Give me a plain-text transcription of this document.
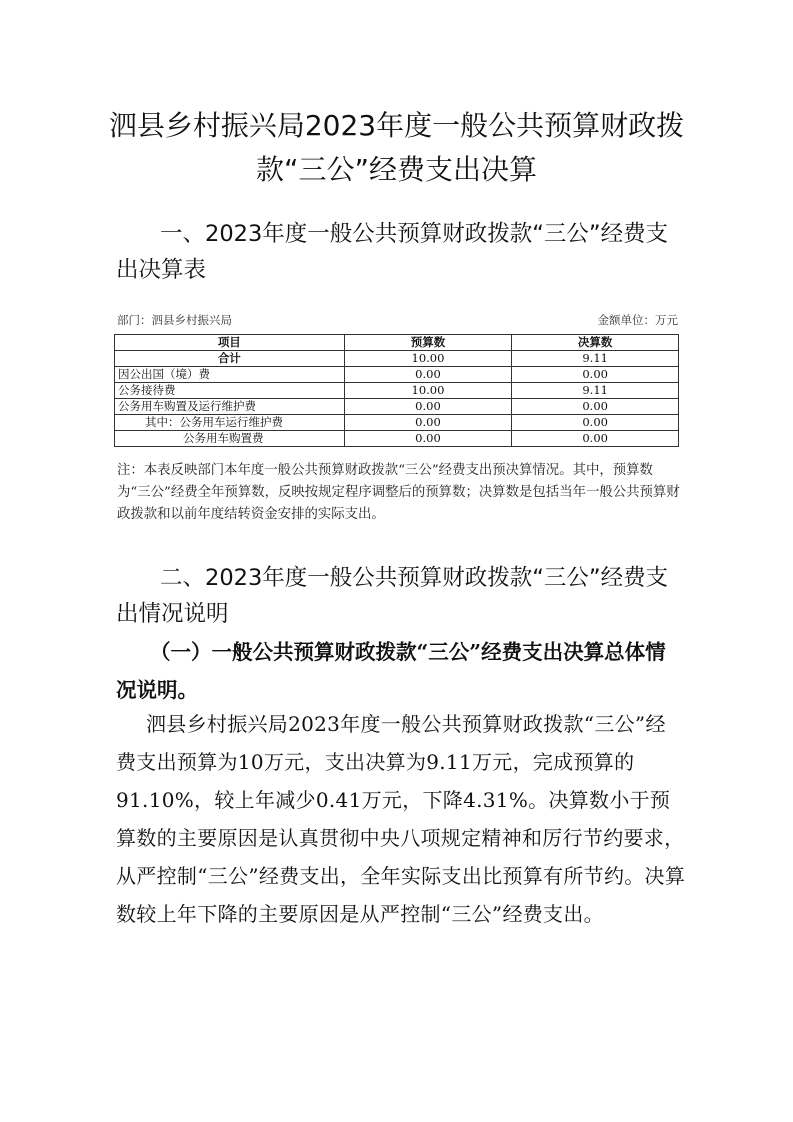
泗县乡村振兴局2023年度一般公共预算财政拨款“三公”经费支出决算
一、2023年度一般公共预算财政拨款“三公”经费支出决算表
部门：泗县乡村振兴局	金额单位：万元
项目	预算数	决算数
合计	10.00	9.11
因公出国（境）费	0.00	0.00
公务接待费	10.00	9.11
公务用车购置及运行维护费	0.00	0.00
其中：公务用车运行维护费	0.00	0.00
公务用车购置费	0.00	0.00

注：本表反映部门本年度一般公共预算财政拨款“三公”经费支出预决算情况。其中，预算数为“三公”经费全年预算数，反映按规定程序调整后的预算数；决算数是包括当年一般公共预算财政拨款和以前年度结转资金安排的实际支出。

二、2023年度一般公共预算财政拨款“三公”经费支出情况说明
（一）一般公共预算财政拨款“三公”经费支出决算总体情况说明。

泗县乡村振兴局2023年度一般公共预算财政拨款“三公”经费支出预算为10万元，支出决算为9.11万元，完成预算的91.10%，较上年减少0.41万元，下降4.31%。决算数小于预算数的主要原因是认真贯彻中央八项规定精神和厉行节约要求，从严控制“三公”经费支出，全年实际支出比预算有所节约。决算数较上年下降的主要原因是从严控制“三公”经费支出。
